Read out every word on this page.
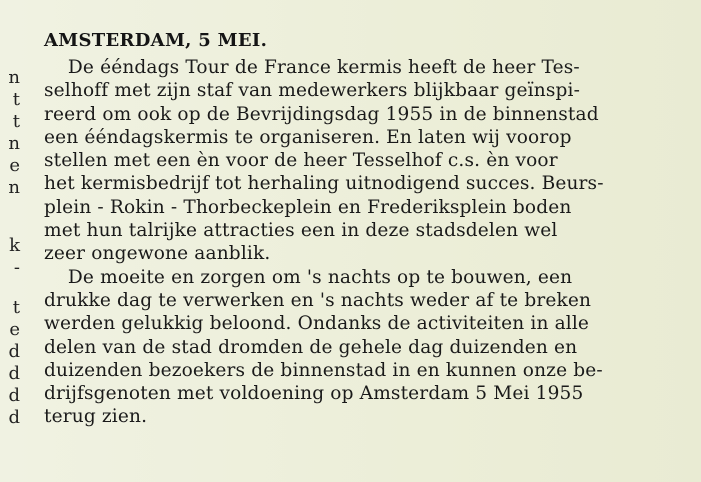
n
t
t
n
e
n
k
-
t
e
d
d
d
d
AMSTERDAM, 5 MEI.
De ééndags Tour de France kermis heeft de heer Tes-
selhoff met zijn staf van medewerkers blijkbaar geïnspi-
reerd om ook op de Bevrijdingsdag 1955 in de binnenstad
een ééndagskermis te organiseren. En laten wij voorop
stellen met een èn voor de heer Tesselhof c.s. èn voor
het kermisbedrijf tot herhaling uitnodigend succes. Beurs-
plein - Rokin - Thorbeckeplein en Frederiksplein boden
met hun talrijke attracties een in deze stadsdelen wel
zeer ongewone aanblik.
De moeite en zorgen om 's nachts op te bouwen, een
drukke dag te verwerken en 's nachts weder af te breken
werden gelukkig beloond. Ondanks de activiteiten in alle
delen van de stad dromden de gehele dag duizenden en
duizenden bezoekers de binnenstad in en kunnen onze be-
drijfsgenoten met voldoening op Amsterdam 5 Mei 1955
terug zien.
